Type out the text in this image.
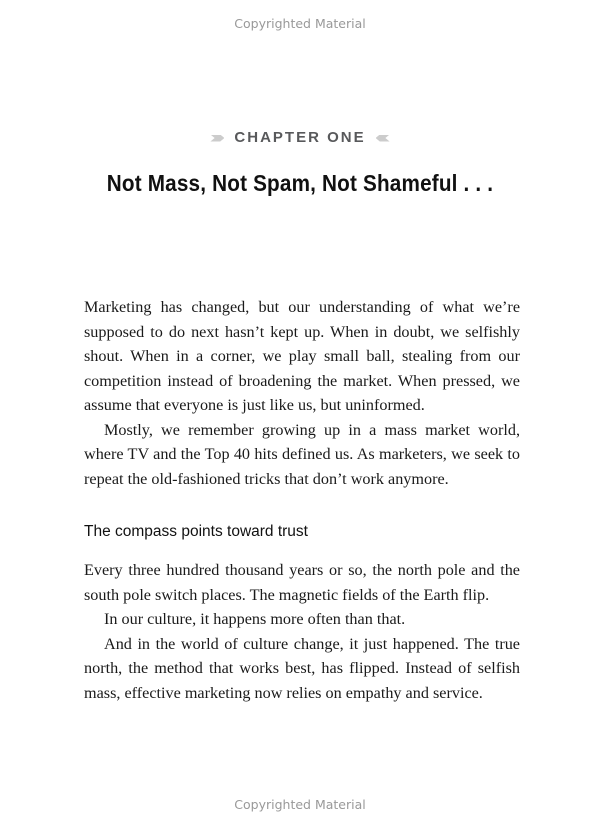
Copyrighted Material
CHAPTER ONE
Not Mass, Not Spam, Not Shameful . . .

Marketing has changed, but our understanding of what we’re supposed to do next hasn’t kept up. When in doubt, we selfishly shout. When in a corner, we play small ball, stealing from our competition instead of broadening the market. When pressed, we assume that everyone is just like us, but uninformed.

Mostly, we remember growing up in a mass market world, where TV and the Top 40 hits defined us. As marketers, we seek to repeat the old-fashioned tricks that don’t work anymore.

The compass points toward trust

Every three hundred thousand years or so, the north pole and the south pole switch places. The magnetic fields of the Earth flip.

In our culture, it happens more often than that.

And in the world of culture change, it just happened. The true north, the method that works best, has flipped. Instead of selfish mass, effective marketing now relies on empathy and service.

Copyrighted Material
